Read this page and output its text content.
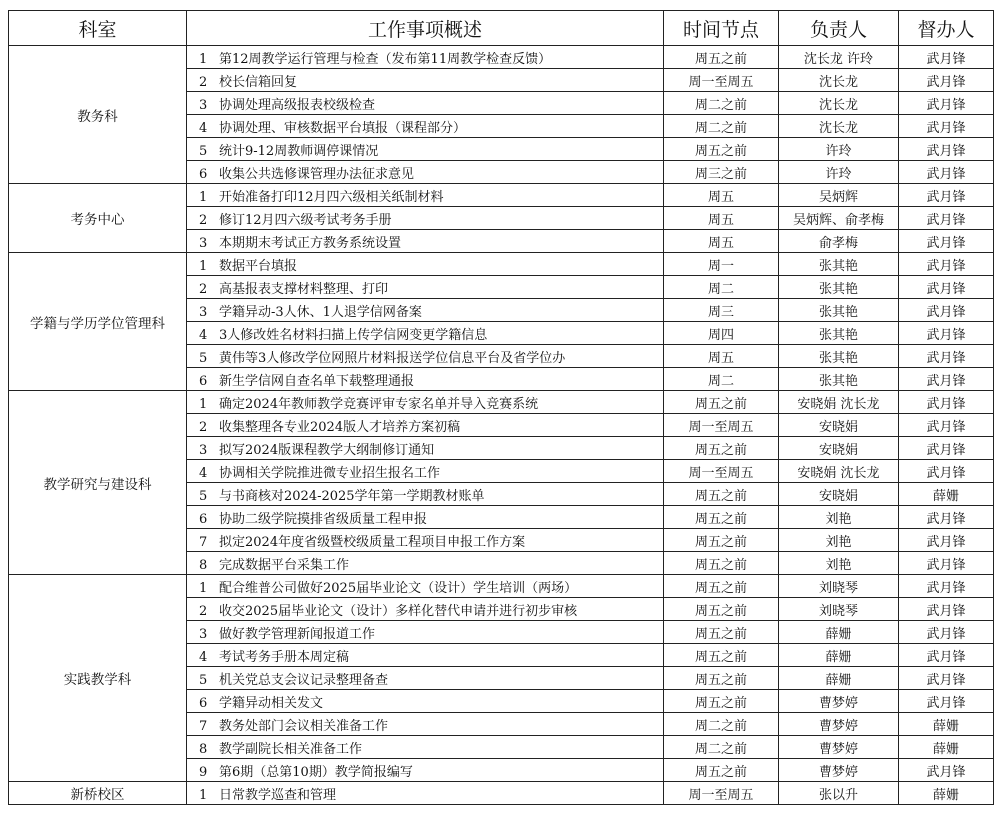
科室	工作事项概述	时间节点	负责人	督办人
教务科	1 第12周教学运行管理与检查（发布第11周教学检查反馈）	周五之前	沈长龙 许玲	武月锋
	2 校长信箱回复	周一至周五	沈长龙	武月锋
	3 协调处理高级报表校级检查	周二之前	沈长龙	武月锋
	4 协调处理、审核数据平台填报（课程部分）	周二之前	沈长龙	武月锋
	5 统计9-12周教师调停课情况	周五之前	许玲	武月锋
	6 收集公共选修课管理办法征求意见	周三之前	许玲	武月锋
考务中心	1 开始准备打印12月四六级相关纸制材料	周五	吴炳辉	武月锋
	2 修订12月四六级考试考务手册	周五	吴炳辉、俞孝梅	武月锋
	3 本期期末考试正方教务系统设置	周五	俞孝梅	武月锋
学籍与学历学位管理科	1 数据平台填报	周一	张其艳	武月锋
	2 高基报表支撑材料整理、打印	周二	张其艳	武月锋
	3 学籍异动-3人休、1人退学信网备案	周三	张其艳	武月锋
	4 3人修改姓名材料扫描上传学信网变更学籍信息	周四	张其艳	武月锋
	5 黄伟等3人修改学位网照片材料报送学位信息平台及省学位办	周五	张其艳	武月锋
	6 新生学信网自查名单下载整理通报	周二	张其艳	武月锋
教学研究与建设科	1 确定2024年教师教学竞赛评审专家名单并导入竞赛系统	周五之前	安晓娟 沈长龙	武月锋
	2 收集整理各专业2024版人才培养方案初稿	周一至周五	安晓娟	武月锋
	3 拟写2024版课程教学大纲制修订通知	周五之前	安晓娟	武月锋
	4 协调相关学院推进微专业招生报名工作	周一至周五	安晓娟 沈长龙	武月锋
	5 与书商核对2024-2025学年第一学期教材账单	周五之前	安晓娟	薛姗
	6 协助二级学院摸排省级质量工程申报	周五之前	刘艳	武月锋
	7 拟定2024年度省级暨校级质量工程项目申报工作方案	周五之前	刘艳	武月锋
	8 完成数据平台采集工作	周五之前	刘艳	武月锋
实践教学科	1 配合维普公司做好2025届毕业论文（设计）学生培训（两场）	周五之前	刘晓琴	武月锋
	2 收交2025届毕业论文（设计）多样化替代申请并进行初步审核	周五之前	刘晓琴	武月锋
	3 做好教学管理新闻报道工作	周五之前	薛姗	武月锋
	4 考试考务手册本周定稿	周五之前	薛姗	武月锋
	5 机关党总支会议记录整理备查	周五之前	薛姗	武月锋
	6 学籍异动相关发文	周五之前	曹梦婷	武月锋
	7 教务处部门会议相关准备工作	周二之前	曹梦婷	薛姗
	8 教学副院长相关准备工作	周二之前	曹梦婷	薛姗
	9 第6期（总第10期）教学简报编写	周五之前	曹梦婷	武月锋
新桥校区	1 日常教学巡查和管理	周一至周五	张以升	薛姗
